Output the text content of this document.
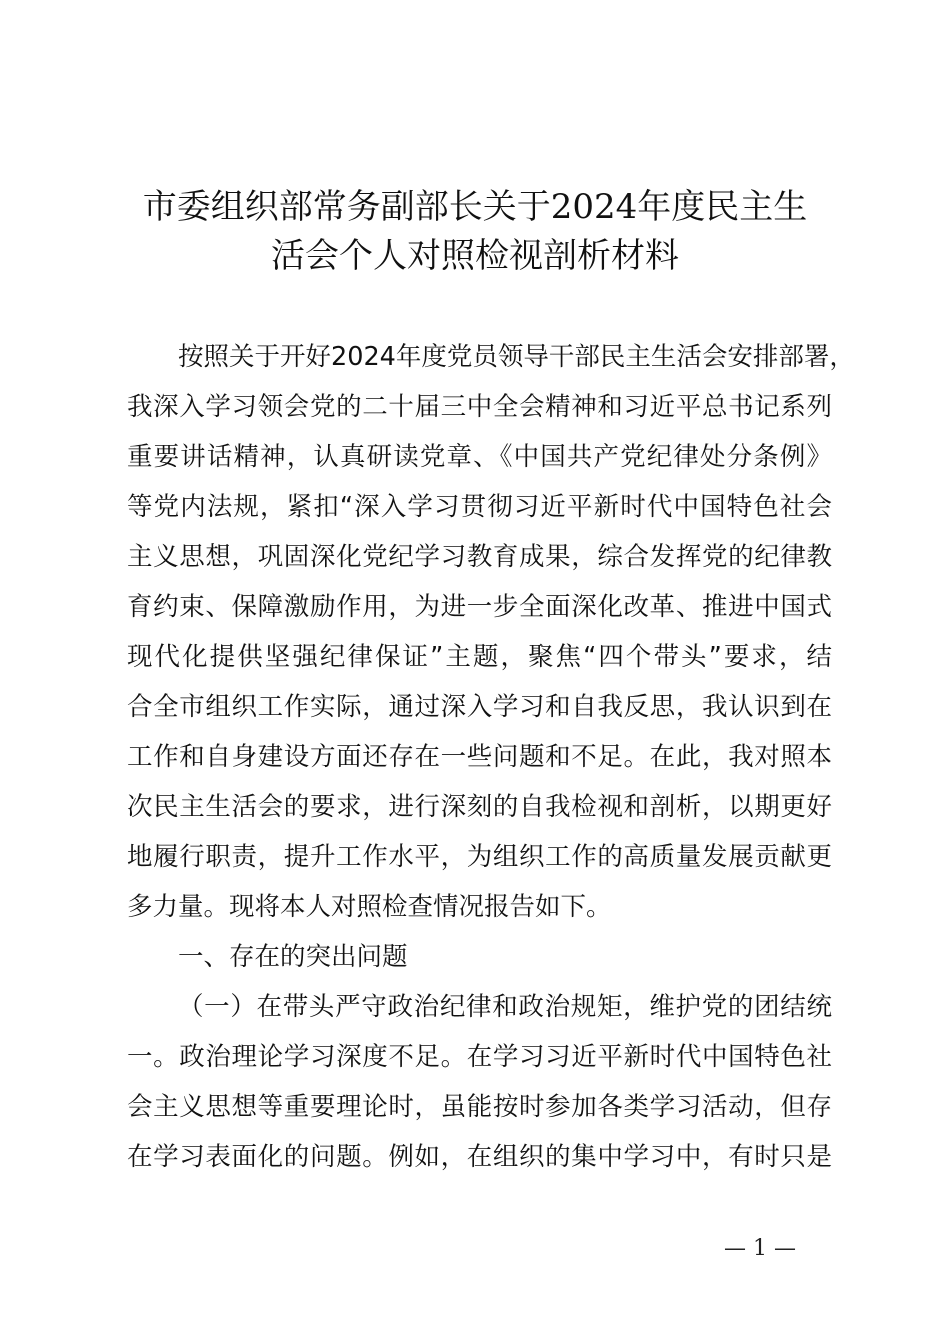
市委组织部常务副部长关于2024年度民主生
活会个人对照检视剖析材料
按照关于开好2024年度党员领导干部民主生活会安排部署，
我深入学习领会党的二十届三中全会精神和习近平总书记系列
重要讲话精神，认真研读党章、《中国共产党纪律处分条例》
等党内法规，紧扣“深入学习贯彻习近平新时代中国特色社会
主义思想，巩固深化党纪学习教育成果，综合发挥党的纪律教
育约束、保障激励作用，为进一步全面深化改革、推进中国式
现代化提供坚强纪律保证”主题，聚焦“四个带头”要求，结
合全市组织工作实际，通过深入学习和自我反思，我认识到在
工作和自身建设方面还存在一些问题和不足。在此，我对照本
次民主生活会的要求，进行深刻的自我检视和剖析，以期更好
地履行职责，提升工作水平，为组织工作的高质量发展贡献更
多力量。现将本人对照检查情况报告如下。
一、存在的突出问题
（一）在带头严守政治纪律和政治规矩，维护党的团结统
一。政治理论学习深度不足。在学习习近平新时代中国特色社
会主义思想等重要理论时，虽能按时参加各类学习活动，但存
在学习表面化的问题。例如，在组织的集中学习中，有时只是
— 1 —
